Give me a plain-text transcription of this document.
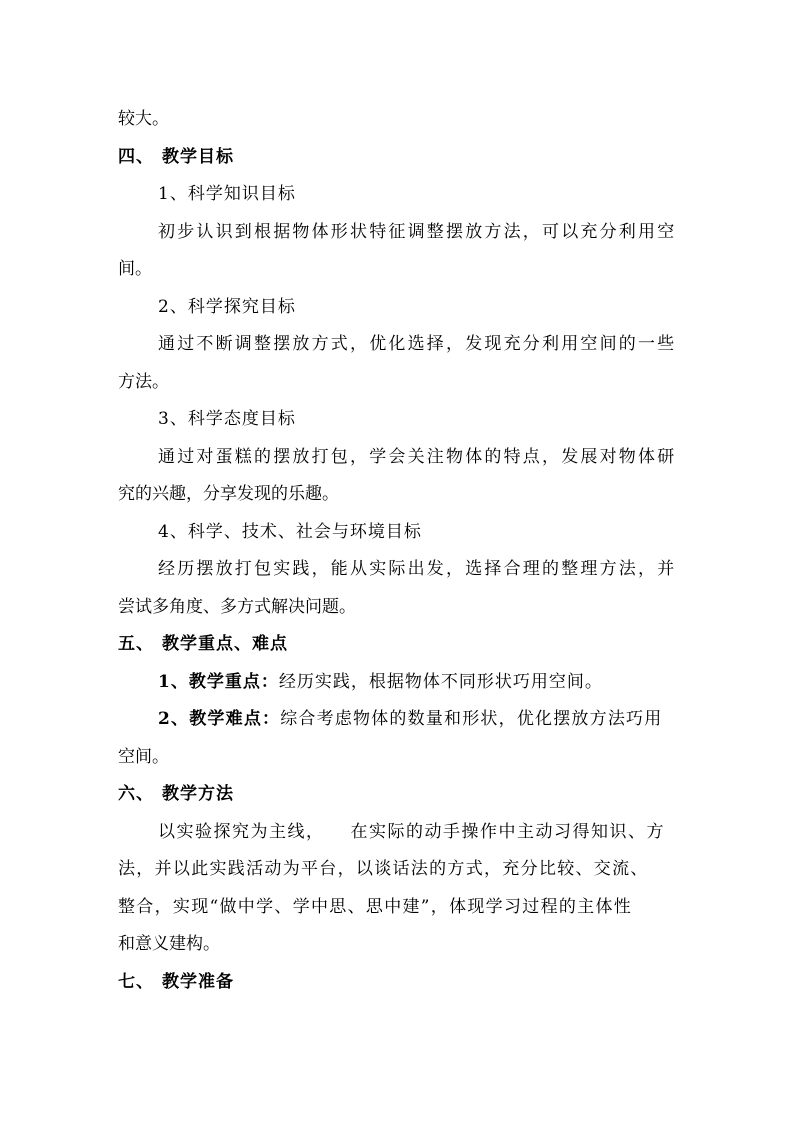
较大。
四、 教学目标
1、科学知识目标
初步认识到根据物体形状特征调整摆放方法，可以充分利用空
间。
2、科学探究目标
通过不断调整摆放方式，优化选择，发现充分利用空间的一些
方法。
3、科学态度目标
通过对蛋糕的摆放打包，学会关注物体的特点，发展对物体研
究的兴趣，分享发现的乐趣。
4、科学、技术、社会与环境目标
经历摆放打包实践，能从实际出发，选择合理的整理方法，并
尝试多角度、多方式解决问题。
五、 教学重点、难点
1、教学重点：经历实践，根据物体不同形状巧用空间。
2、教学难点：综合考虑物体的数量和形状，优化摆放方法巧用
空间。
六、 教学方法
以实验探究为主线， 在实际的动手操作中主动习得知识、方
法，并以此实践活动为平台，以谈话法的方式，充分比较、交流、
整合，实现“做中学、学中思、思中建”，体现学习过程的主体性
和意义建构。
七、 教学准备
